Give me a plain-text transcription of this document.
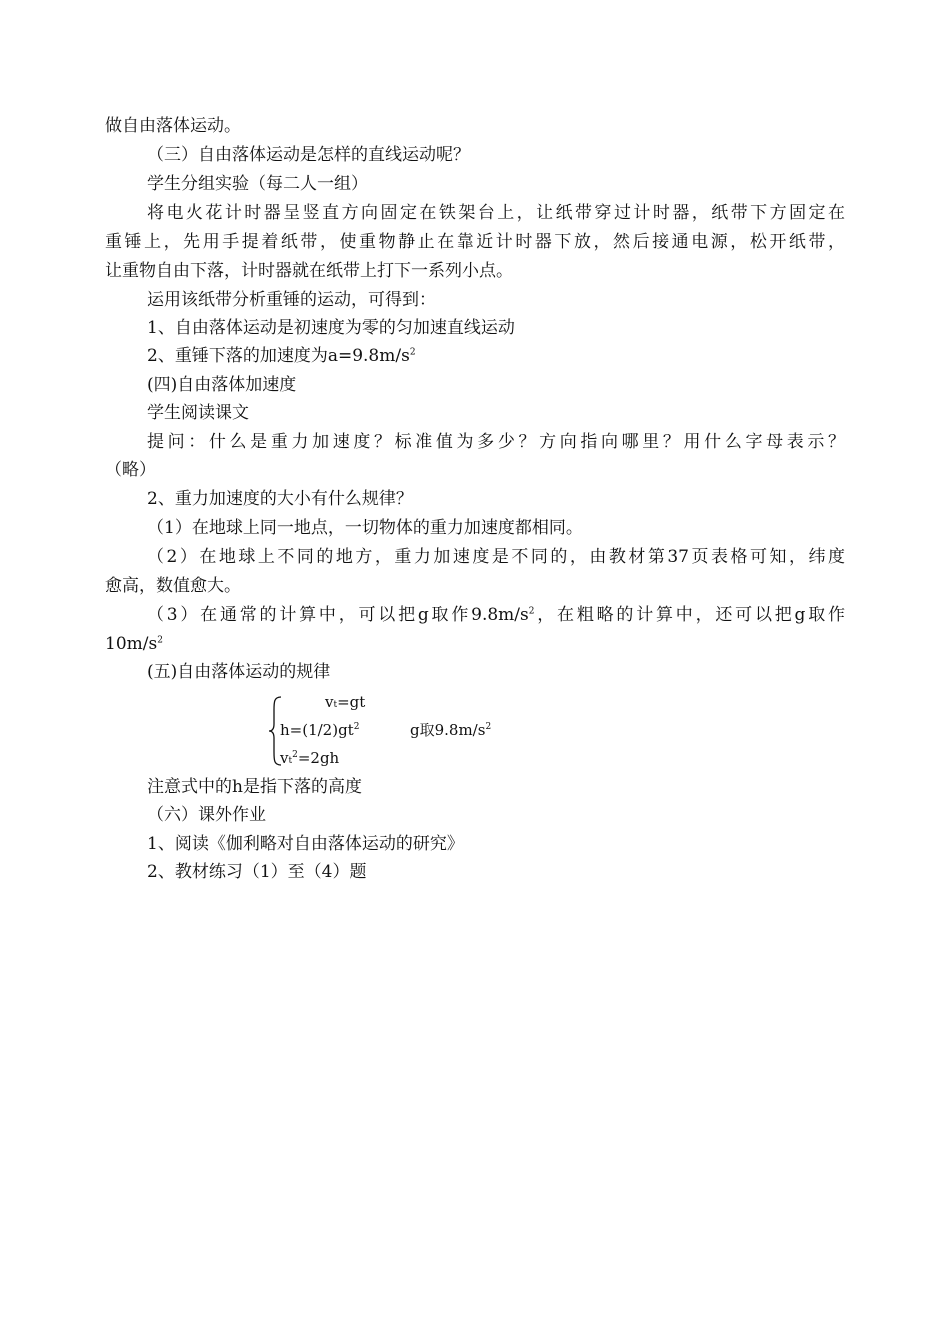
做自由落体运动。
（三）自由落体运动是怎样的直线运动呢？
学生分组实验（每二人一组）
将电火花计时器呈竖直方向固定在铁架台上，让纸带穿过计时器，纸带下方固定在
重锤上，先用手提着纸带，使重物静止在靠近计时器下放，然后接通电源，松开纸带，
让重物自由下落，计时器就在纸带上打下一系列小点。
运用该纸带分析重锤的运动，可得到：
1、自由落体运动是初速度为零的匀加速直线运动
2、重锤下落的加速度为$a=9.8m/s^2$
(四)自由落体加速度
学生阅读课文
提问：什么是重力加速度？标准值为多少？方向指向哪里？用什么字母表示？
（略）
2、重力加速度的大小有什么规律？
（1）在地球上同一地点，一切物体的重力加速度都相同。
（2）在地球上不同的地方，重力加速度是不同的，由教材第37页表格可知，纬度
愈高，数值愈大。
（3）在通常的计算中，可以把g取作$9.8m/s^2$，在粗略的计算中，还可以把g取作
$10m/s^2$
(五)自由落体运动的规律
vt=gt
$h=(1/2)gt^2$	g取$9.8m/s^2$
$vt^2=2gh$
注意式中的h是指下落的高度
（六）课外作业
1、阅读《伽利略对自由落体运动的研究》
2、教材练习（1）至（4）题
